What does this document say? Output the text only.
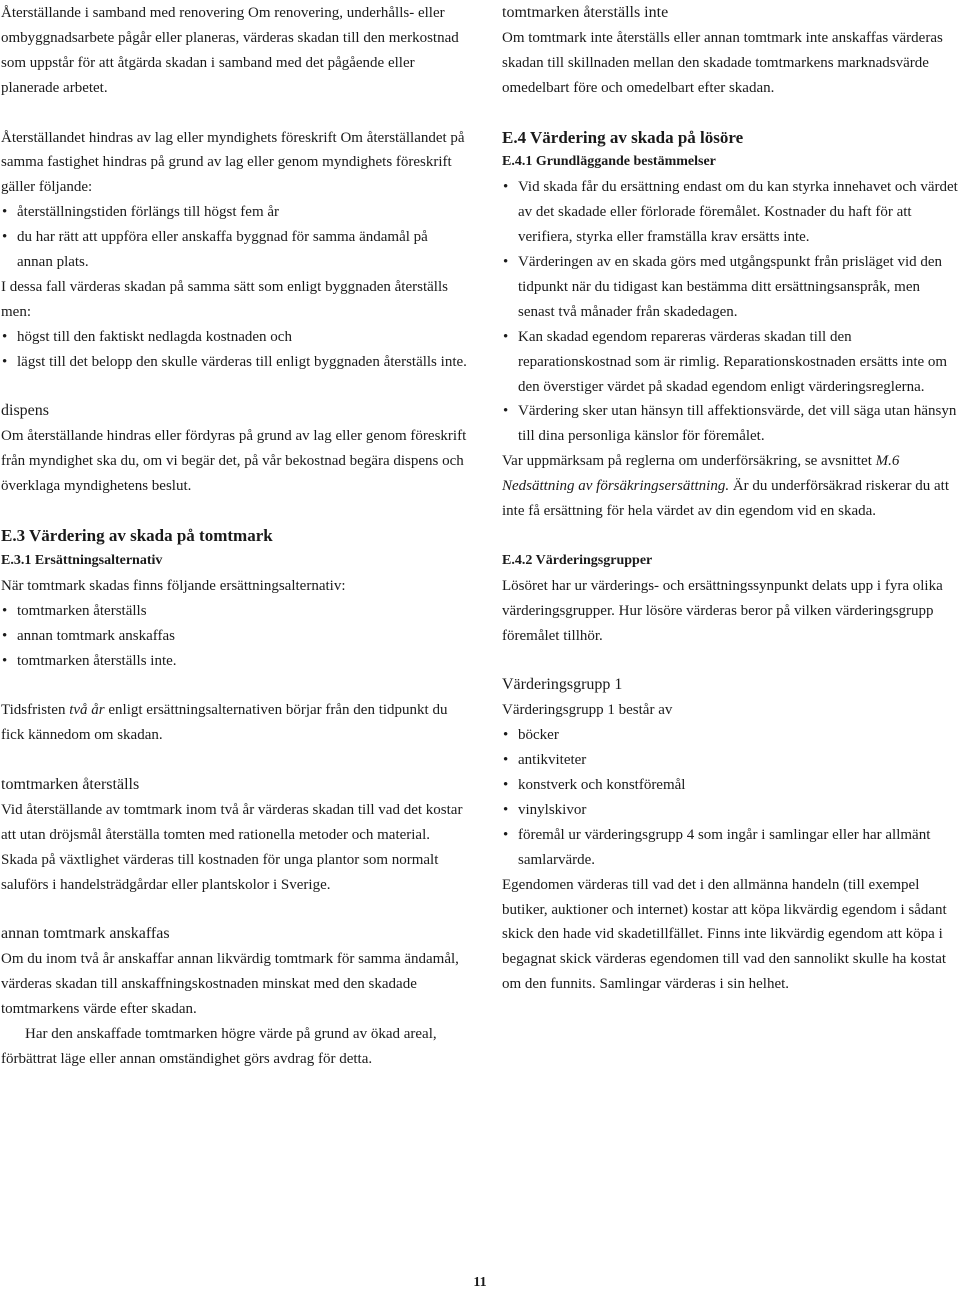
Återställande i samband med renovering Om renovering, underhålls- eller ombyggnadsarbete pågår eller planeras, värderas skadan till den merkostnad som uppstår för att åtgärda skadan i samband med det pågående eller planerade arbetet.

Återställandet hindras av lag eller myndighets föreskrift Om återställandet på samma fastighet hindras på grund av lag eller genom myndighets föreskrift gäller följande:

• återställningstiden förlängs till högst fem år
• du har rätt att uppföra eller anskaffa byggnad för samma ändamål på annan plats.

I dessa fall värderas skadan på samma sätt som enligt byggnaden återställs men:

• högst till den faktiskt nedlagda kostnaden och
• lägst till det belopp den skulle värderas till enligt byggnaden återställs inte.

dispens

Om återställande hindras eller fördyras på grund av lag eller genom föreskrift från myndighet ska du, om vi begär det, på vår bekostnad begära dispens och överklaga myndighetens beslut.

E.3 Värdering av skada på tomtmark

E.3.1 Ersättningsalternativ

När tomtmark skadas finns följande ersättningsalternativ:

• tomtmarken återställs
• annan tomtmark anskaffas
• tomtmarken återställs inte.

Tidsfristen två år enligt ersättningsalternativen börjar från den tidpunkt du fick kännedom om skadan.

tomtmarken återställs

Vid återställande av tomtmark inom två år värderas skadan till vad det kostar att utan dröjsmål återställa tomten med rationella metoder och material. Skada på växtlighet värderas till kostnaden för unga plantor som normalt saluförs i handelsträdgårdar eller plantskolor i Sverige.

annan tomtmark anskaffas

Om du inom två år anskaffar annan likvärdig tomtmark för samma ändamål, värderas skadan till anskaffningskostnaden minskat med den skadade tomtmarkens värde efter skadan.

Har den anskaffade tomtmarken högre värde på grund av ökad areal, förbättrat läge eller annan omständighet görs avdrag för detta.

tomtmarken återställs inte

Om tomtmark inte återställs eller annan tomtmark inte anskaffas värderas skadan till skillnaden mellan den skadade tomtmarkens marknadsvärde omedelbart före och omedelbart efter skadan.

E.4 Värdering av skada på lösöre

E.4.1 Grundläggande bestämmelser

• Vid skada får du ersättning endast om du kan styrka innehavet och värdet av det skadade eller förlorade föremålet. Kostnader du haft för att verifiera, styrka eller framställa krav ersätts inte.
• Värderingen av en skada görs med utgångspunkt från prisläget vid den tidpunkt när du tidigast kan bestämma ditt ersättningsanspråk, men senast två månader från skadedagen.
• Kan skadad egendom repareras värderas skadan till den reparationskostnad som är rimlig. Reparationskostnaden ersätts inte om den överstiger värdet på skadad egendom enligt värderingsreglerna.
• Värdering sker utan hänsyn till affektionsvärde, det vill säga utan hänsyn till dina personliga känslor för föremålet.

Var uppmärksam på reglerna om underförsäkring, se avsnittet M.6 Nedsättning av försäkringsersättning. Är du underförsäkrad riskerar du att inte få ersättning för hela värdet av din egendom vid en skada.

E.4.2 Värderingsgrupper

Lösöret har ur värderings- och ersättningssynpunkt delats upp i fyra olika värderingsgrupper. Hur lösöre värderas beror på vilken värderingsgrupp föremålet tillhör.

Värderingsgrupp 1

Värderingsgrupp 1 består av

• böcker
• antikviteter
• konstverk och konstföremål
• vinylskivor
• föremål ur värderingsgrupp 4 som ingår i samlingar eller har allmänt samlarvärde.

Egendomen värderas till vad det i den allmänna handeln (till exempel butiker, auktioner och internet) kostar att köpa likvärdig egendom i sådant skick den hade vid skadetillfället. Finns inte likvärdig egendom att köpa i begagnat skick värderas egendomen till vad den sannolikt skulle ha kostat om den funnits. Samlingar värderas i sin helhet.

11
